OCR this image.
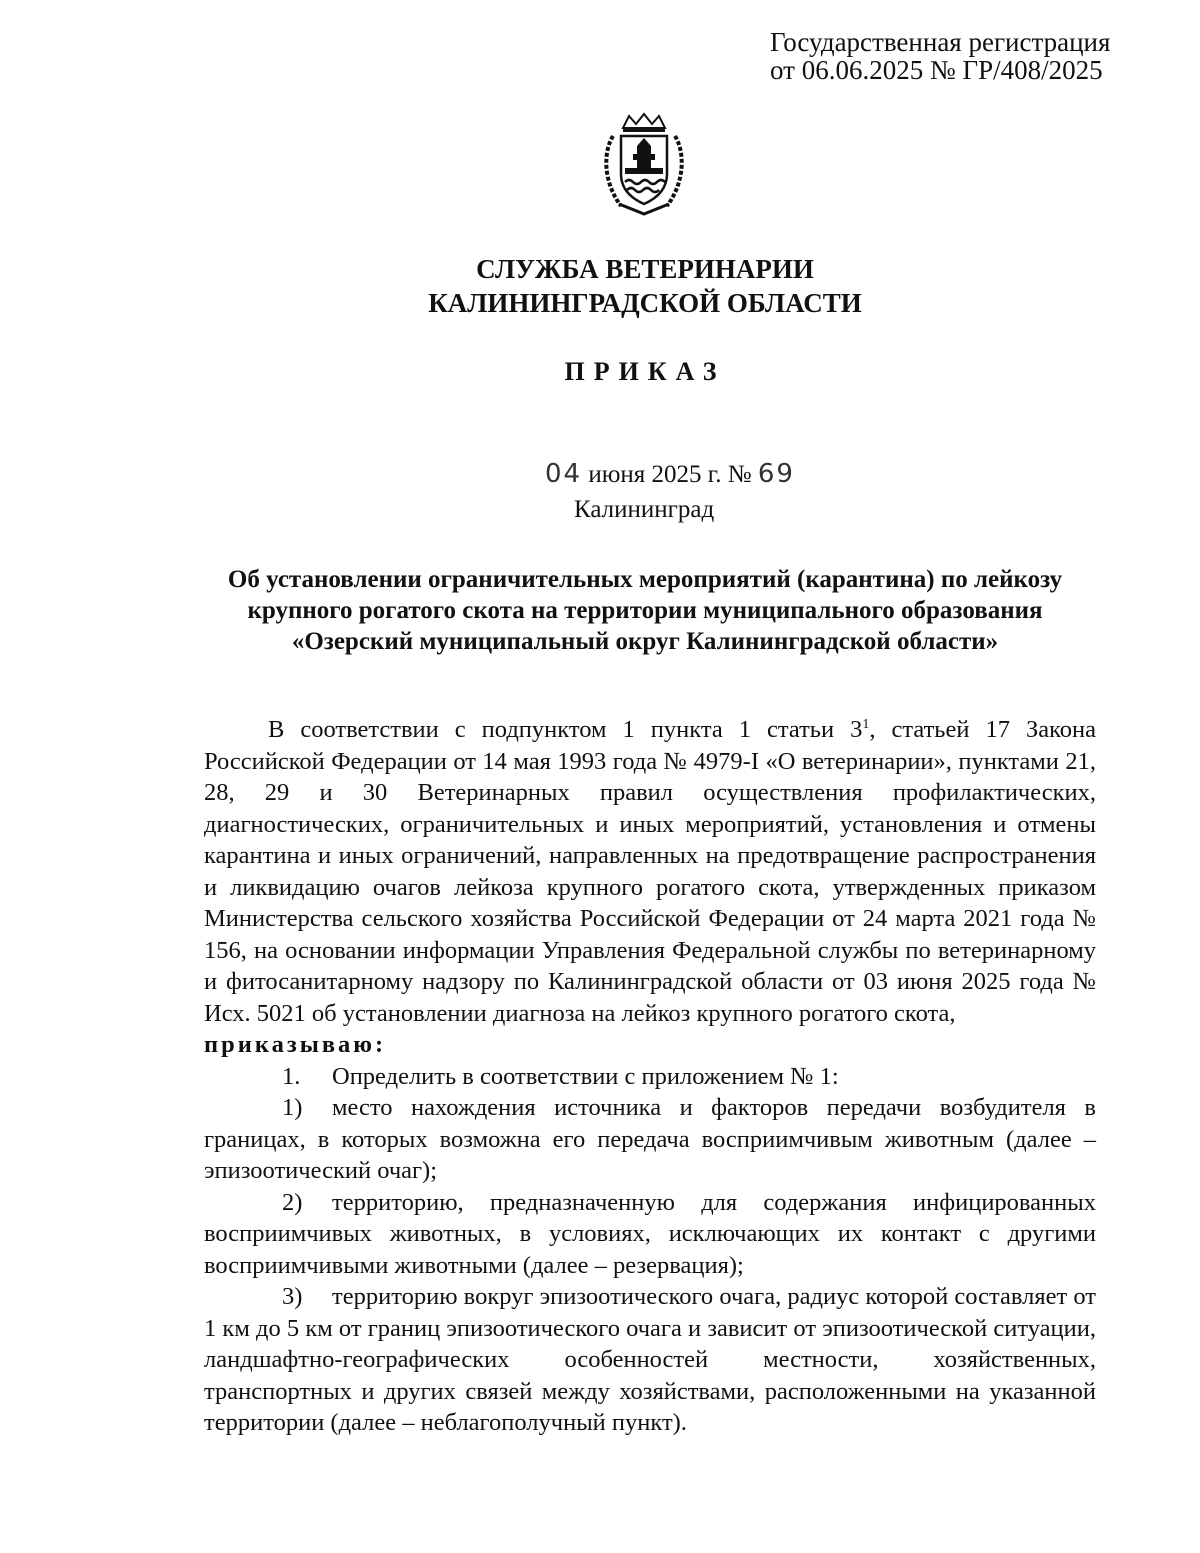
Государственная регистрация
от 06.06.2025 № ГР/408/2025
СЛУЖБА ВЕТЕРИНАРИИ
КАЛИНИНГРАДСКОЙ ОБЛАСТИ
ПРИКАЗ
04 июня 2025 г. № 69
Калининград
Об установлении ограничительных мероприятий (карантина) по лейкозу
крупного рогатого скота на территории муниципального образования
«Озерский муниципальный округ Калининградской области»

В соответствии с подпунктом 1 пункта 1 статьи $3^1$, статьей 17 Закона Российской Федерации от 14 мая 1993 года № 4979-I «О ветеринарии», пунктами 21, 28, 29 и 30 Ветеринарных правил осуществления профилактических, диагностических, ограничительных и иных мероприятий, установления и отмены карантина и иных ограничений, направленных на предотвращение распространения и ликвидацию очагов лейкоза крупного рогатого скота, утвержденных приказом Министерства сельского хозяйства Российской Федерации от 24 марта 2021 года № 156, на основании информации Управления Федеральной службы по ветеринарному и фитосанитарному надзору по Калининградской области от 03 июня 2025 года № Исх. 5021 об установлении диагноза на лейкоз крупного рогатого скота,
приказываю:

1. Определить в соответствии с приложением № 1:

1) место нахождения источника и факторов передачи возбудителя в границах, в которых возможна его передача восприимчивым животным (далее – эпизоотический очаг);

2) территорию, предназначенную для содержания инфицированных восприимчивых животных, в условиях, исключающих их контакт с другими восприимчивыми животными (далее – резервация);

3) территорию вокруг эпизоотического очага, радиус которой составляет от 1 км до 5 км от границ эпизоотического очага и зависит от эпизоотической ситуации, ландшафтно-географических особенностей местности, хозяйственных, транспортных и других связей между хозяйствами, расположенными на указанной территории (далее – неблагополучный пункт).
